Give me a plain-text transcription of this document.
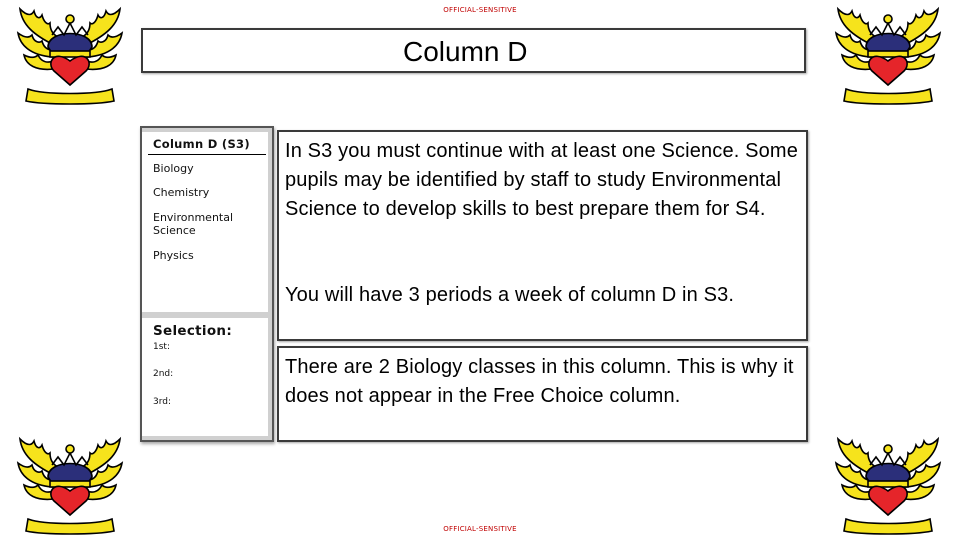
OFFICIAL-SENSITIVE
Column D
Column D (S3)
Biology
Chemistry
Environmental Science
Physics
Selection:
1st:
2nd:
3rd:

In S3 you must continue with at least one Science. Some pupils may be identified by staff to study Environmental Science to develop skills to best prepare them for S4.

You will have 3 periods a week of column D in S3.

There are 2 Biology classes in this column. This is why it does not appear in the Free Choice column.

OFFICIAL-SENSITIVE
